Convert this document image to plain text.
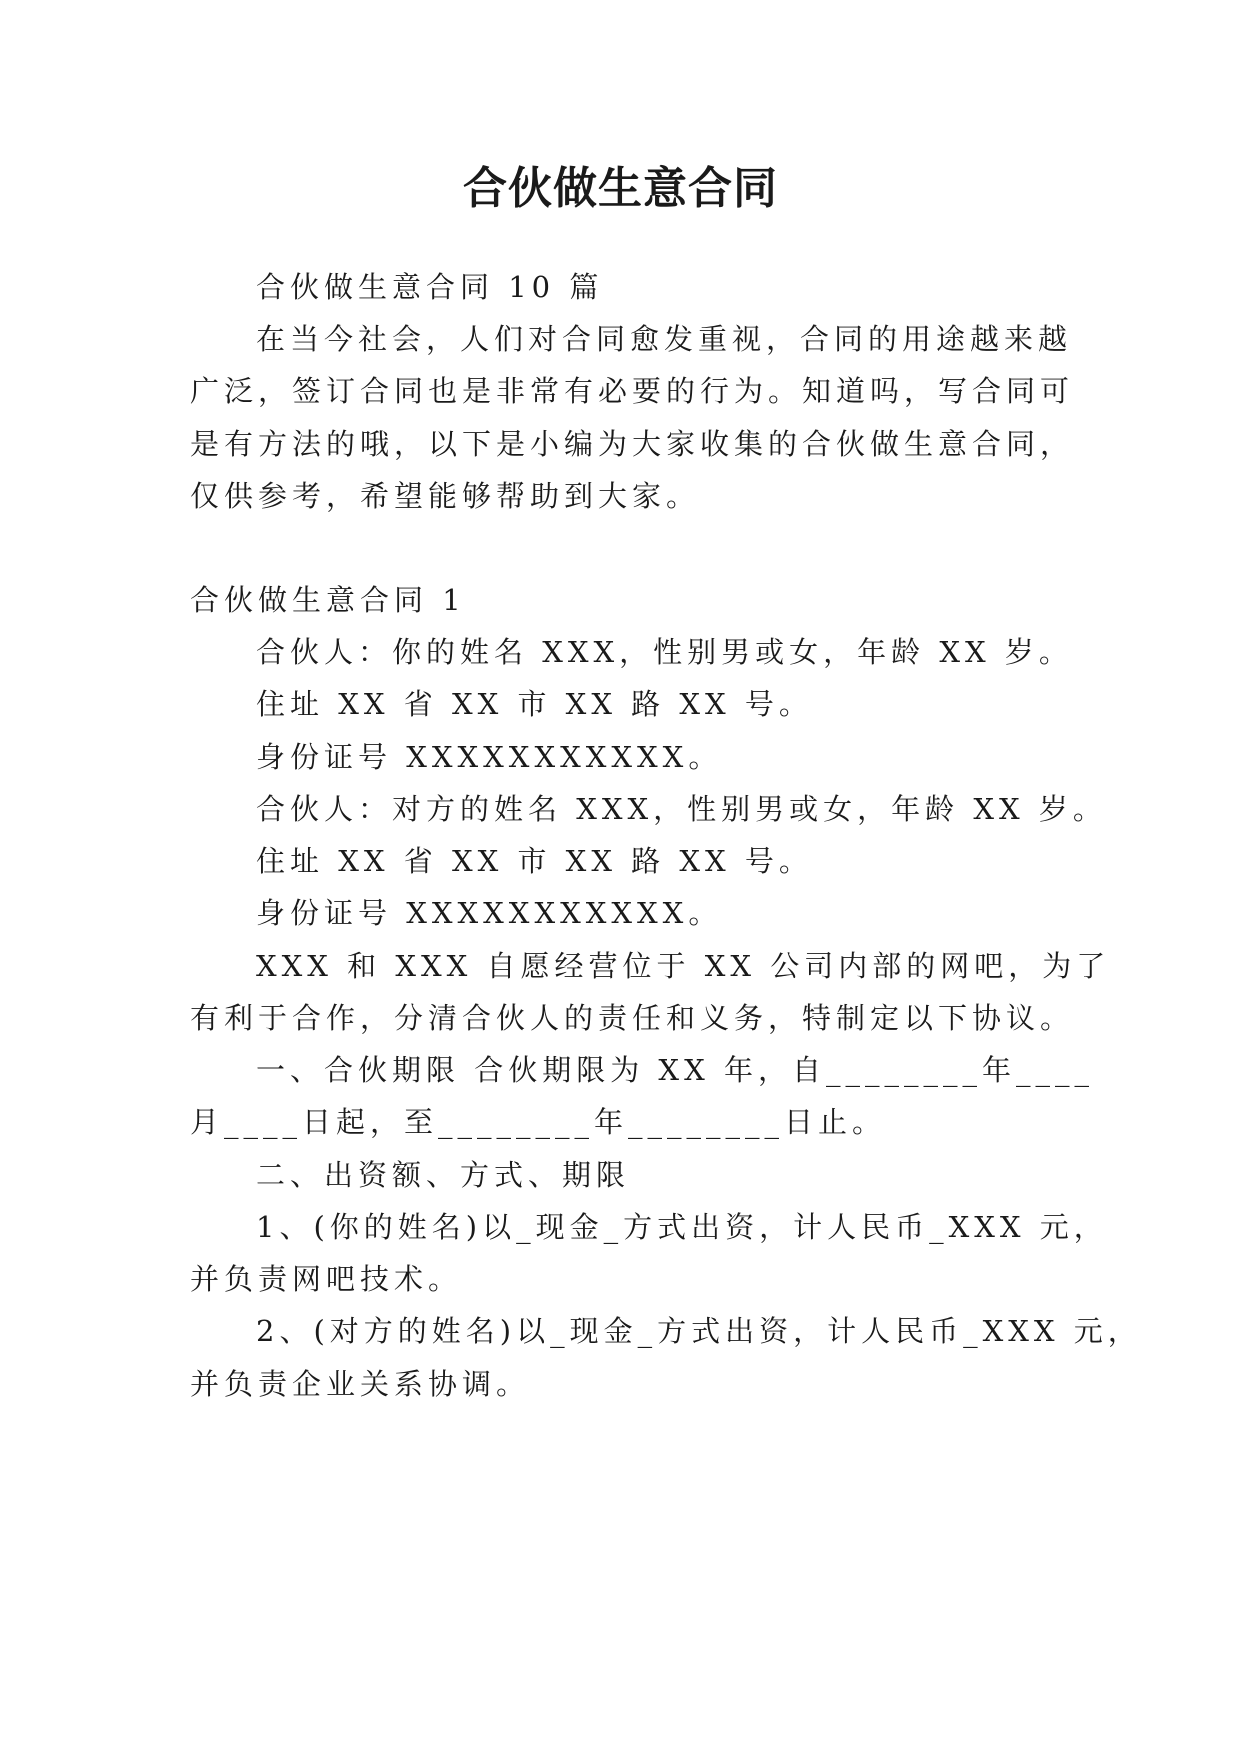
合伙做生意合同

合伙做生意合同 10 篇

在当今社会，人们对合同愈发重视，合同的用途越来越

广泛，签订合同也是非常有必要的行为。知道吗，写合同可

是有方法的哦，以下是小编为大家收集的合伙做生意合同，

仅供参考，希望能够帮助到大家。

合伙做生意合同 1

合伙人：你的姓名 XXX，性别男或女，年龄 XX 岁。

住址 XX 省 XX 市 XX 路 XX 号。

身份证号 XXXXXXXXXXX。

合伙人：对方的姓名 XXX，性别男或女，年龄 XX 岁。

住址 XX 省 XX 市 XX 路 XX 号。

身份证号 XXXXXXXXXXX。

XXX 和 XXX 自愿经营位于 XX 公司内部的网吧，为了

有利于合作，分清合伙人的责任和义务，特制定以下协议。

一、合伙期限 合伙期限为 XX 年，自________年____

月____日起，至________年________日止。

二、出资额、方式、期限

1、(你的姓名)以_现金_方式出资，计人民币_XXX 元，

并负责网吧技术。

2、(对方的姓名)以_现金_方式出资，计人民币_XXX 元，

并负责企业关系协调。
